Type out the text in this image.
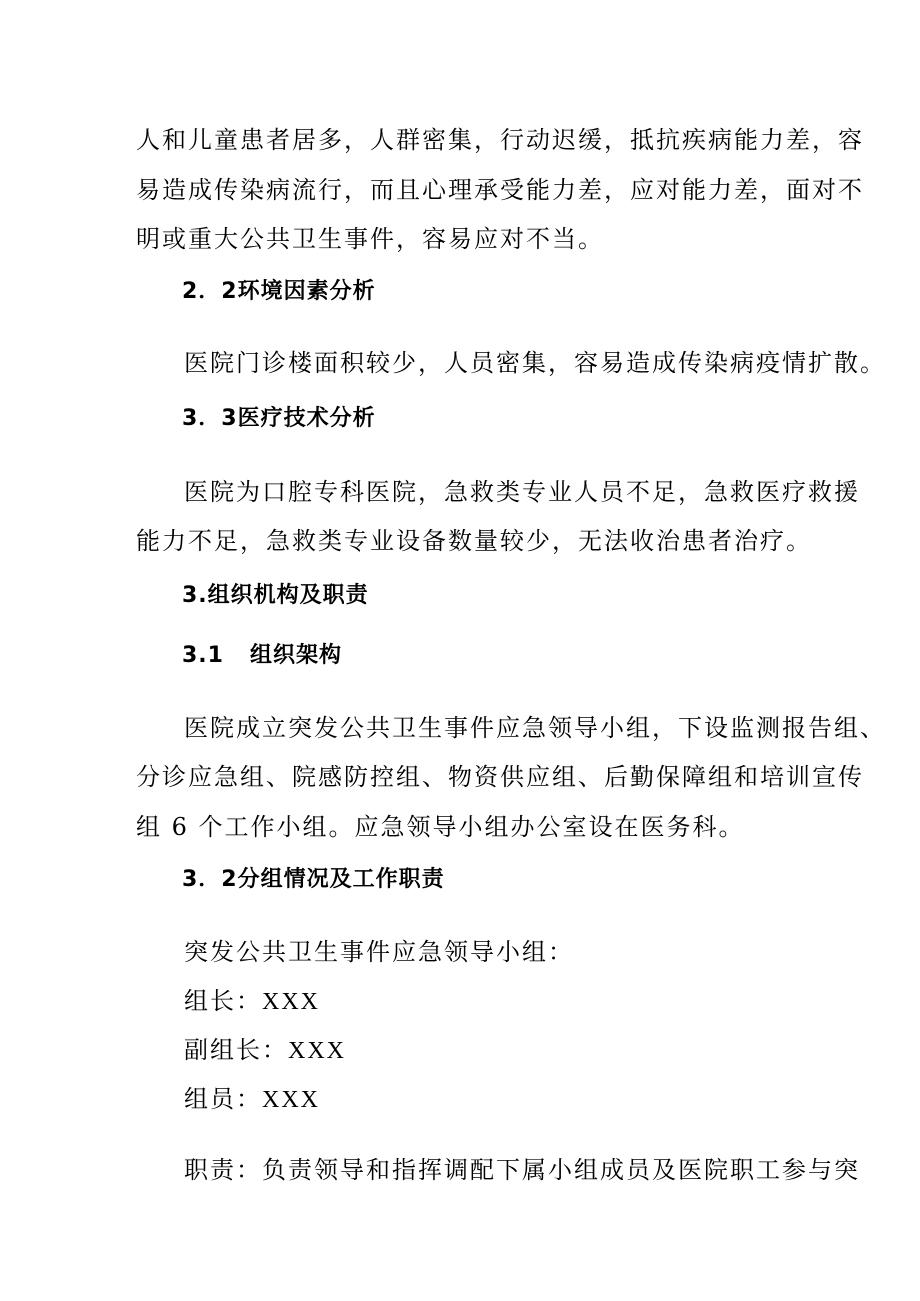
人和儿童患者居多，人群密集，行动迟缓，抵抗疾病能力差，容
易造成传染病流行，而且心理承受能力差，应对能力差，面对不
明或重大公共卫生事件，容易应对不当。
2．2环境因素分析
医院门诊楼面积较少，人员密集，容易造成传染病疫情扩散。
3．3医疗技术分析
医院为口腔专科医院，急救类专业人员不足，急救医疗救援
能力不足，急救类专业设备数量较少，无法收治患者治疗。
3.组织机构及职责
3.1   组织架构
医院成立突发公共卫生事件应急领导小组，下设监测报告组、
分诊应急组、院感防控组、物资供应组、后勤保障组和培训宣传
组 6 个工作小组。应急领导小组办公室设在医务科。
3．2分组情况及工作职责
突发公共卫生事件应急领导小组：
组长：XXX
副组长：XXX
组员：XXX
职责：负责领导和指挥调配下属小组成员及医院职工参与突
